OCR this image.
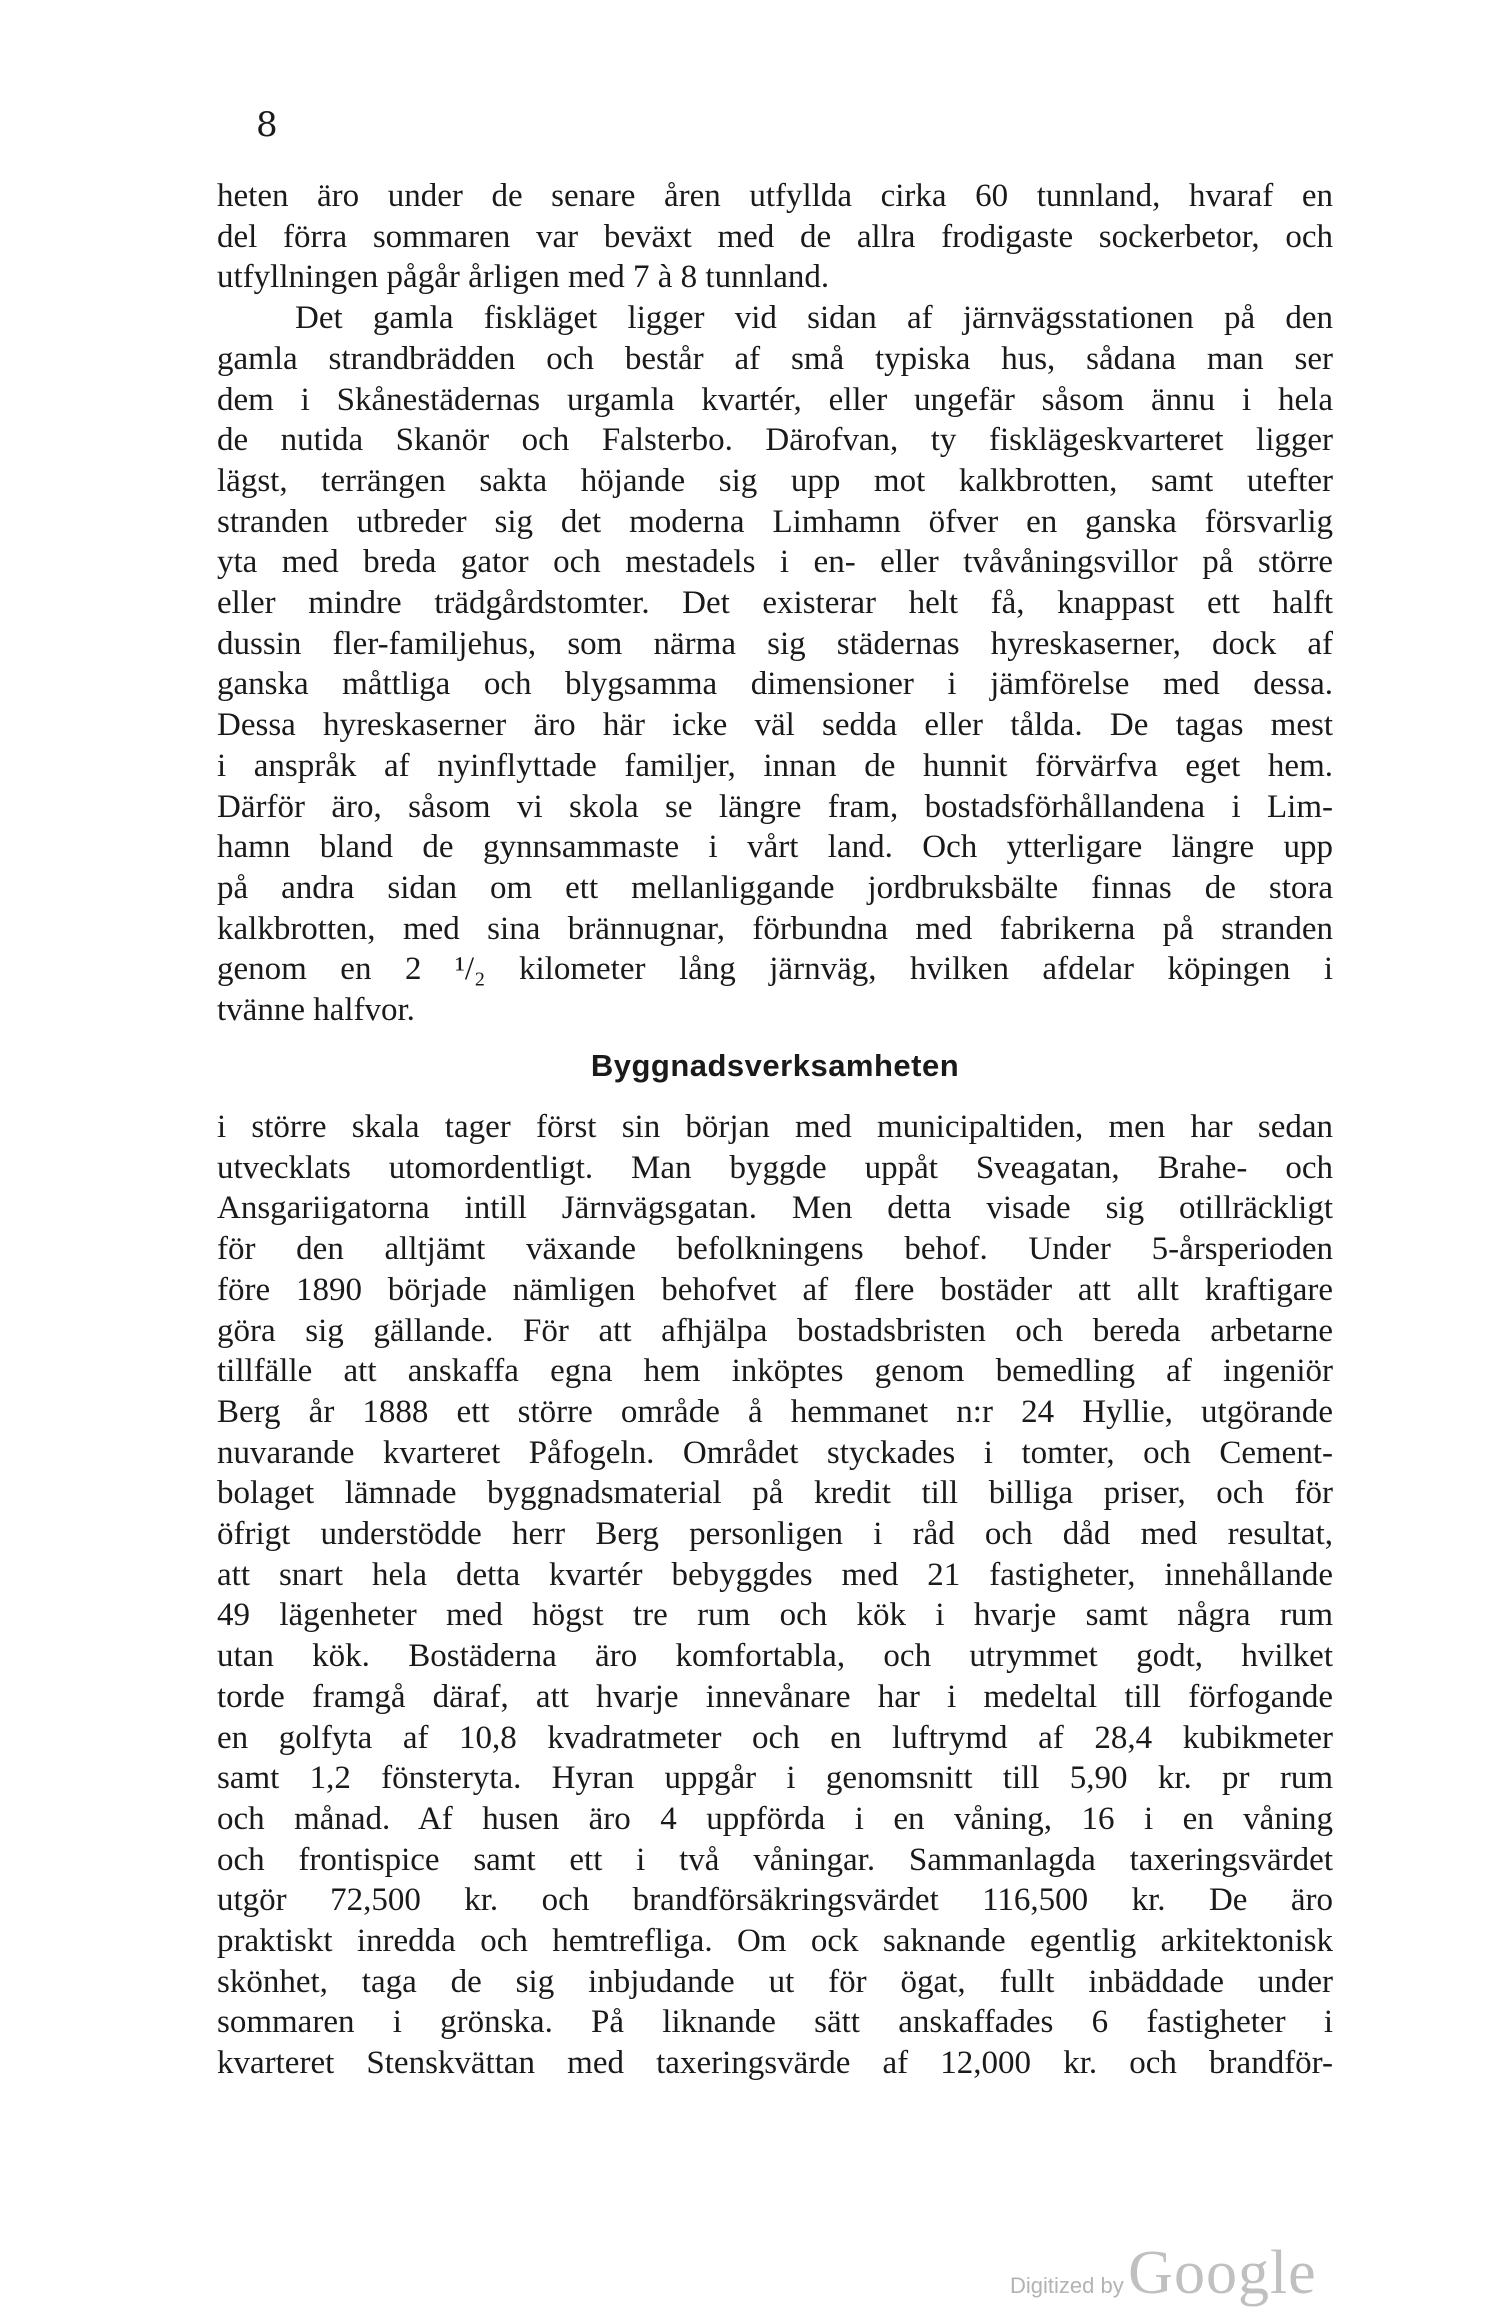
8
heten äro under de senare åren utfyllda cirka 60 tunnland, hvaraf en
del förra sommaren var beväxt med de allra frodigaste sockerbetor, och
utfyllningen pågår årligen med 7 à 8 tunnland.
Det gamla fiskläget ligger vid sidan af järnvägsstationen på den
gamla strandbrädden och består af små typiska hus, sådana man ser
dem i Skånestädernas urgamla kvartér, eller ungefär såsom ännu i hela
de nutida Skanör och Falsterbo. Därofvan, ty fisklägeskvarteret ligger
lägst, terrängen sakta höjande sig upp mot kalkbrotten, samt utefter
stranden utbreder sig det moderna Limhamn öfver en ganska försvarlig
yta med breda gator och mestadels i en- eller tvåvåningsvillor på större
eller mindre trädgårdstomter. Det existerar helt få, knappast ett halft
dussin fler-familjehus, som närma sig städernas hyreskaserner, dock af
ganska måttliga och blygsamma dimensioner i jämförelse med dessa.
Dessa hyreskaserner äro här icke väl sedda eller tålda. De tagas mest
i anspråk af nyinflyttade familjer, innan de hunnit förvärfva eget hem.
Därför äro, såsom vi skola se längre fram, bostadsförhållandena i Lim-
hamn bland de gynnsammaste i vårt land. Och ytterligare längre upp
på andra sidan om ett mellanliggande jordbruksbälte finnas de stora
kalkbrotten, med sina brännugnar, förbundna med fabrikerna på stranden
genom en 2 ¹/₂ kilometer lång järnväg, hvilken afdelar köpingen i
tvänne halfvor.
Byggnadsverksamheten
i större skala tager först sin början med municipaltiden, men har sedan
utvecklats utomordentligt. Man byggde uppåt Sveagatan, Brahe- och
Ansgariigatorna intill Järnvägsgatan. Men detta visade sig otillräckligt
för den alltjämt växande befolkningens behof. Under 5-årsperioden
före 1890 började nämligen behofvet af flere bostäder att allt kraftigare
göra sig gällande. För att afhjälpa bostadsbristen och bereda arbetarne
tillfälle att anskaffa egna hem inköptes genom bemedling af ingeniör
Berg år 1888 ett större område å hemmanet n:r 24 Hyllie, utgörande
nuvarande kvarteret Påfogeln. Området styckades i tomter, och Cement-
bolaget lämnade byggnadsmaterial på kredit till billiga priser, och för
öfrigt understödde herr Berg personligen i råd och dåd med resultat,
att snart hela detta kvartér bebyggdes med 21 fastigheter, innehållande
49 lägenheter med högst tre rum och kök i hvarje samt några rum
utan kök. Bostäderna äro komfortabla, och utrymmet godt, hvilket
torde framgå däraf, att hvarje innevånare har i medeltal till förfogande
en golfyta af 10,8 kvadratmeter och en luftrymd af 28,4 kubikmeter
samt 1,2 fönsteryta. Hyran uppgår i genomsnitt till 5,90 kr. pr rum
och månad. Af husen äro 4 uppförda i en våning, 16 i en våning
och frontispice samt ett i två våningar. Sammanlagda taxeringsvärdet
utgör 72,500 kr. och brandförsäkringsvärdet 116,500 kr. De äro
praktiskt inredda och hemtrefliga. Om ock saknande egentlig arkitektonisk
skönhet, taga de sig inbjudande ut för ögat, fullt inbäddade under
sommaren i grönska. På liknande sätt anskaffades 6 fastigheter i
kvarteret Stenskvättan med taxeringsvärde af 12,000 kr. och brandför-
Digitized by Google
